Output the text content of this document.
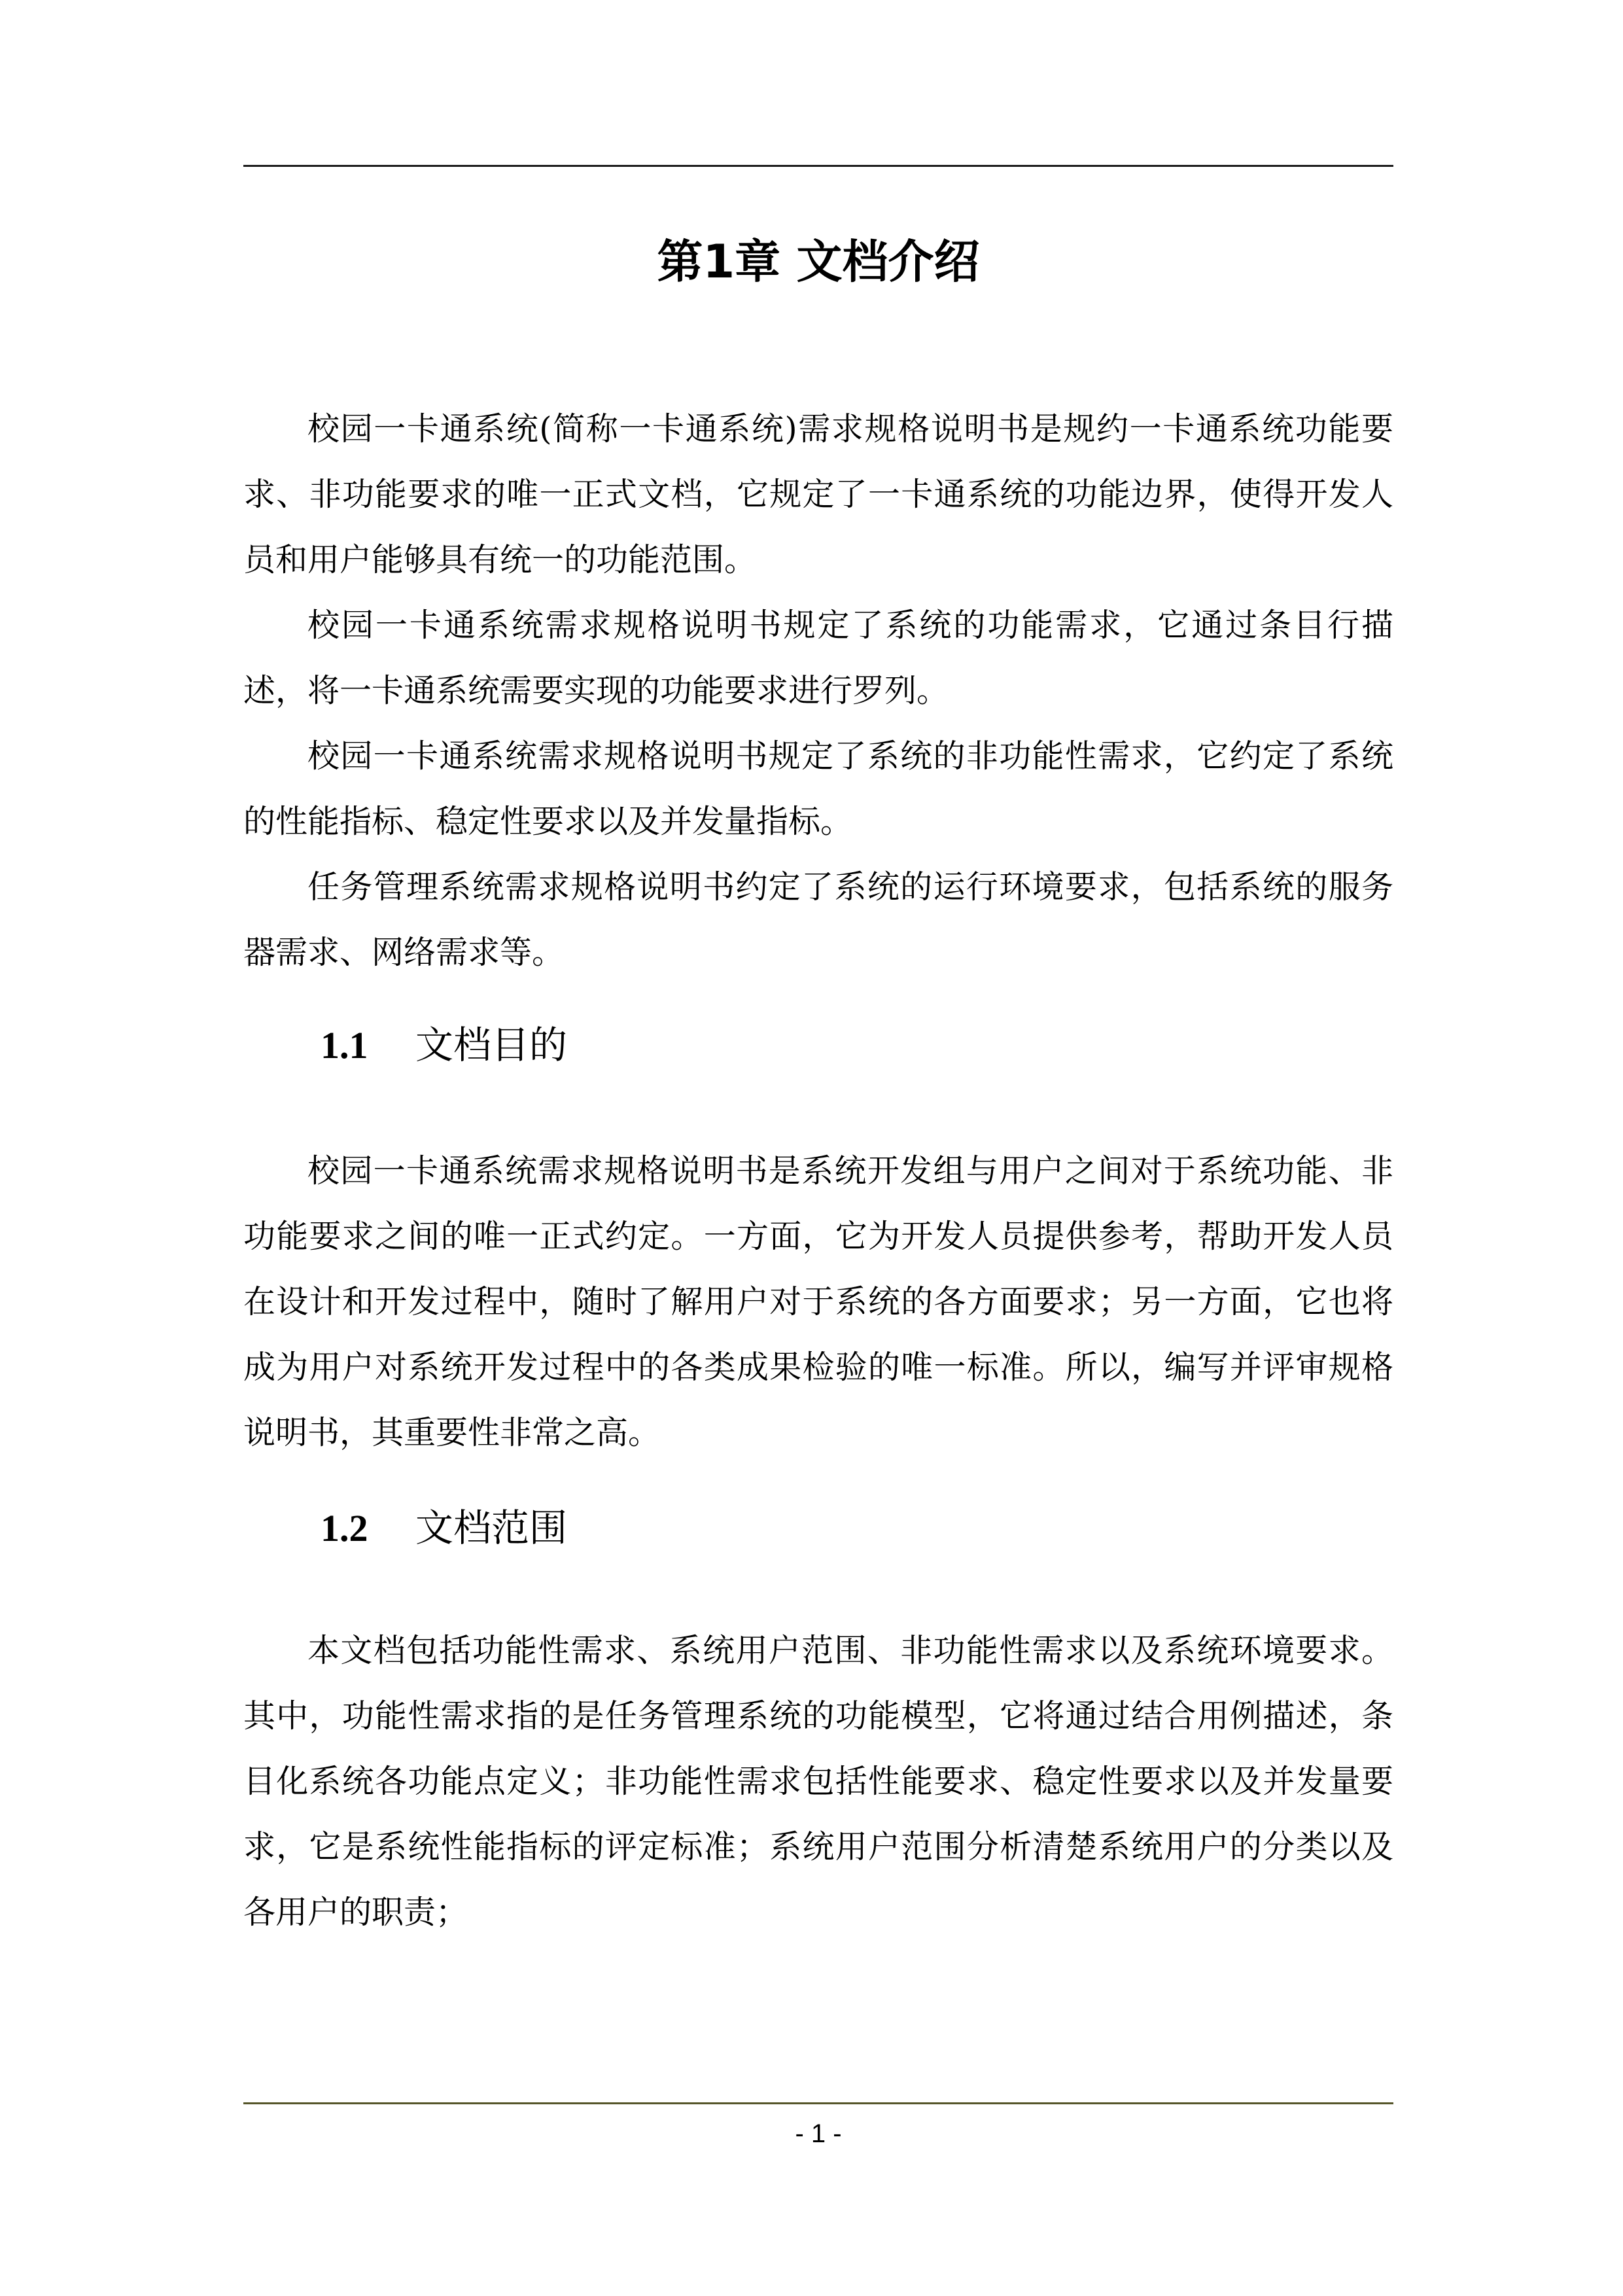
第1章 文档介绍

校园一卡通系统(简称一卡通系统)需求规格说明书是规约一卡通系统功能要求、非功能要求的唯一正式文档，它规定了一卡通系统的功能边界，使得开发人员和用户能够具有统一的功能范围。

校园一卡通系统需求规格说明书规定了系统的功能需求，它通过条目行描述，将一卡通系统需要实现的功能要求进行罗列。

校园一卡通系统需求规格说明书规定了系统的非功能性需求，它约定了系统的性能指标、稳定性要求以及并发量指标。

任务管理系统需求规格说明书约定了系统的运行环境要求，包括系统的服务器需求、网络需求等。

1.1 文档目的

校园一卡通系统需求规格说明书是系统开发组与用户之间对于系统功能、非功能要求之间的唯一正式约定。一方面，它为开发人员提供参考，帮助开发人员在设计和开发过程中，随时了解用户对于系统的各方面要求；另一方面，它也将成为用户对系统开发过程中的各类成果检验的唯一标准。所以，编写并评审规格说明书，其重要性非常之高。

1.2 文档范围

本文档包括功能性需求、系统用户范围、非功能性需求以及系统环境要求。其中，功能性需求指的是任务管理系统的功能模型，它将通过结合用例描述，条目化系统各功能点定义；非功能性需求包括性能要求、稳定性要求以及并发量要求，它是系统性能指标的评定标准；系统用户范围分析清楚系统用户的分类以及各用户的职责；

- 1 -
